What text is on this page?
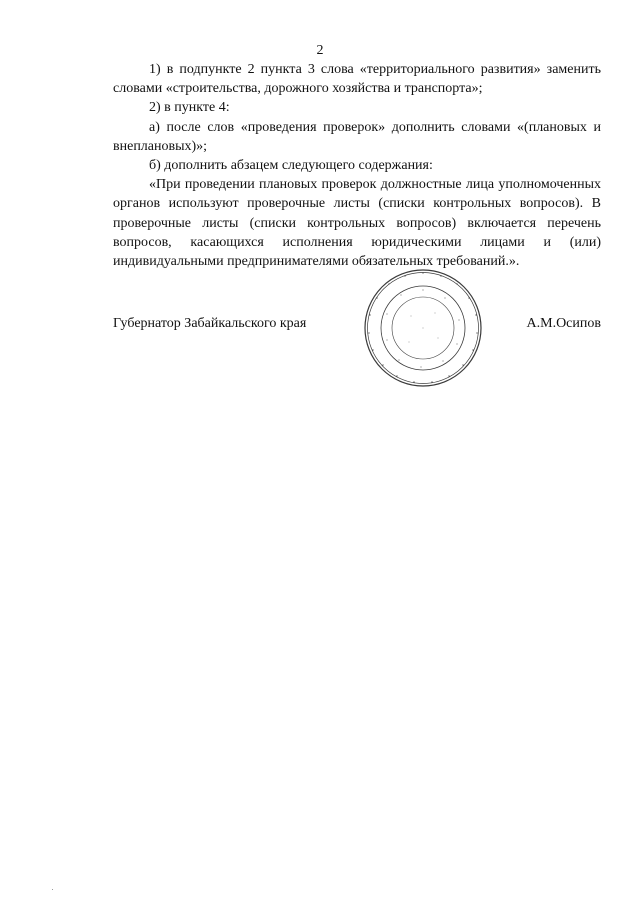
2

1) в подпункте 2 пункта 3 слова «территориального развития» заменить словами «строительства, дорожного хозяйства и транспорта»;

2) в пункте 4:

а) после слов «проведения проверок» дополнить словами «(плановых и внеплановых)»;

б) дополнить абзацем следующего содержания:

«При проведении плановых проверок должностные лица уполномоченных органов используют проверочные листы (списки контрольных вопросов). В проверочные листы (списки контрольных вопросов) включается перечень вопросов, касающихся исполнения юридическими лицами и (или) индивидуальными предпринимателями обязательных требований.».

Губернатор Забайкальского края	А.М.Осипов
